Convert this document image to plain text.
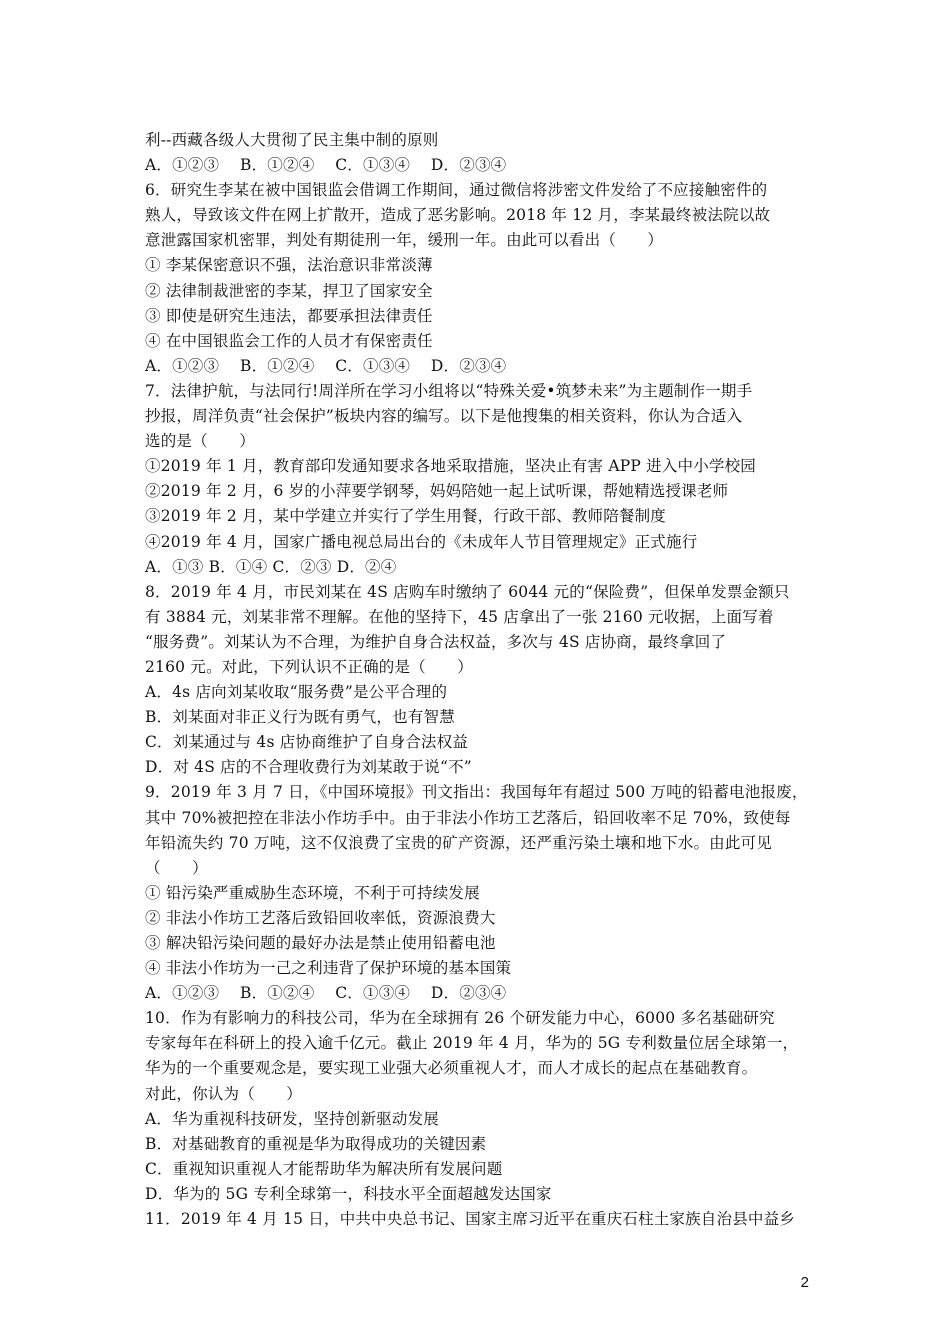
利--西藏各级人大贯彻了民主集中制的原则
A．①②③　 B．①②④　 C．①③④　 D．②③④
6．研究生李某在被中国银监会借调工作期间，通过微信将涉密文件发给了不应接触密件的
熟人，导致该文件在网上扩散开，造成了恶劣影响。2018 年 12 月，李某最终被法院以故
意泄露国家机密罪，判处有期徒刑一年，缓刑一年。由此可以看出（　　）
① 李某保密意识不强，法治意识非常淡薄
② 法律制裁泄密的李某，捍卫了国家安全
③ 即使是研究生违法，都要承担法律责任
④ 在中国银监会工作的人员才有保密责任
A．①②③　 B．①②④　 C．①③④　 D．②③④
7．法律护航，与法同行!周洋所在学习小组将以“特殊关爱•筑梦未来”为主题制作一期手
抄报，周洋负责“社会保护”板块内容的编写。以下是他搜集的相关资料，你认为合适入
选的是（　　）
①2019 年 1 月，教育部印发通知要求各地采取措施，坚决止有害 APP 进入中小学校园
②2019 年 2 月，6 岁的小萍要学钢琴，妈妈陪她一起上试听课，帮她精选授课老师
③2019 年 2 月，某中学建立并实行了学生用餐，行政干部、教师陪餐制度
④2019 年 4 月，国家广播电视总局出台的《未成年人节目管理规定》正式施行
A．①③ B．①④ C．②③ D．②④
8．2019 年 4 月，市民刘某在 4S 店购车时缴纳了 6044 元的“保险费”，但保单发票金额只
有 3884 元，刘某非常不理解。在他的坚持下，45 店拿出了一张 2160 元收据，上面写着
“服务费”。刘某认为不合理，为维护自身合法权益，多次与 4S 店协商，最终拿回了
2160 元。对此，下列认识不正确的是（　　）
A．4s 店向刘某收取“服务费”是公平合理的
B．刘某面对非正义行为既有勇气，也有智慧
C．刘某通过与 4s 店协商维护了自身合法权益
D．对 4S 店的不合理收费行为刘某敢于说“不”
9．2019 年 3 月 7 日，《中国环境报》刊文指出：我国每年有超过 500 万吨的铅蓄电池报废，
其中 70%被把控在非法小作坊手中。由于非法小作坊工艺落后，铅回收率不足 70%，致使每
年铅流失约 70 万吨，这不仅浪费了宝贵的矿产资源，还严重污染土壤和地下水。由此可见
（　　）
① 铅污染严重威胁生态环境，不利于可持续发展
② 非法小作坊工艺落后致铅回收率低，资源浪费大
③ 解决铅污染问题的最好办法是禁止使用铅蓄电池
④ 非法小作坊为一己之利违背了保护环境的基本国策
A．①②③　 B．①②④　 C．①③④　 D．②③④
10．作为有影响力的科技公司，华为在全球拥有 26 个研发能力中心，6000 多名基础研究
专家每年在科研上的投入逾千亿元。截止 2019 年 4 月，华为的 5G 专利数量位居全球第一，
华为的一个重要观念是，要实现工业强大必须重视人才，而人才成长的起点在基础教育。
对此，你认为（　　）
A．华为重视科技研发，坚持创新驱动发展
B．对基础教育的重视是华为取得成功的关键因素
C．重视知识重视人才能帮助华为解决所有发展问题
D．华为的 5G 专利全球第一，科技水平全面超越发达国家
11．2019 年 4 月 15 日，中共中央总书记、国家主席习近平在重庆石柱土家族自治县中益乡
2
